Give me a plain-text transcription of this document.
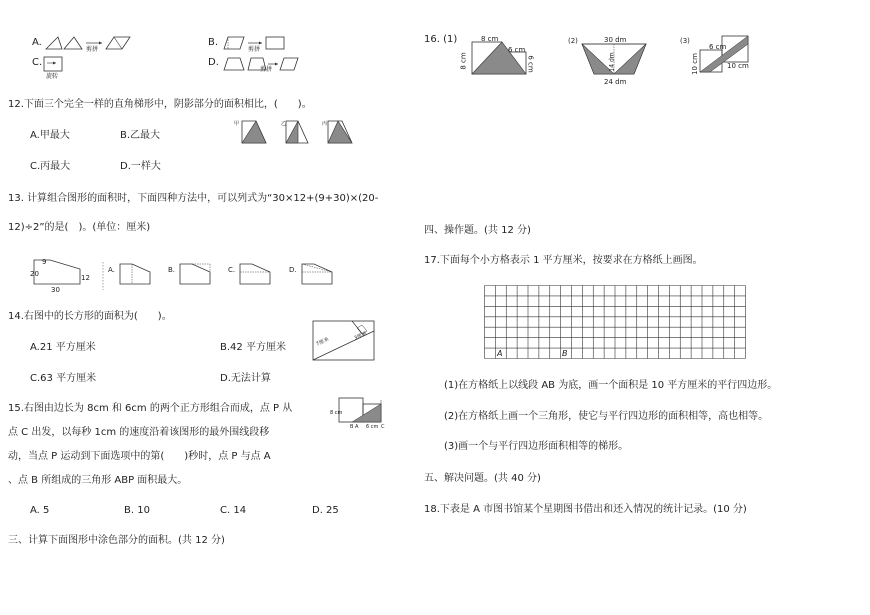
A.
剪拼
C.
旋转
B.
剪拼
D.
剪拼
12.下面三个完全一样的直角梯形中，阴影部分的面积相比，(　　)。
A.甲最大	B.乙最大
C.丙最大	D.一样大
甲	乙	丙
13. 计算组合图形的面积时，下面四种方法中，可以列式为“30×12+(9+30)×(20-
12)÷2”的是(　)。(单位：厘米)
9
20	12
30
A.	B.	C.	D.
14.右图中的长方形的面积为(　　)。
A.21 平方厘米	B.42 平方厘米
C.63 平方厘米	D.无法计算
7厘米
3厘米
15.右图由边长为 8cm 和 6cm 的两个正方形组合而成，点 P 从
点 C 出发，以每秒 1cm 的速度沿着该图形的最外围线段移
动，当点 P 运动到下面选项中的第(　　)秒时，点 P 与点 A
、点 B 所组成的三角形 ABP 面积最大。
8 cm
6 cm
B A	C
A. 5	B. 10	C. 14	D. 25
三、计算下面图形中涂色部分的面积。(共 12 分)
16. (1)	8 cm
6 cm
8 cm	6 cm
(2)	30 dm
14 dm
24 dm
(3)
6 cm
10 cm	10 cm
四、操作题。(共 12 分)
17.下面每个小方格表示 1 平方厘米，按要求在方格纸上画图。
A	B
(1)在方格纸上以线段 AB 为底，画一个面积是 10 平方厘米的平行四边形。
(2)在方格纸上画一个三角形，使它与平行四边形的面积相等，高也相等。
(3)画一个与平行四边形面积相等的梯形。
五、解决问题。(共 40 分)
18.下表是 A 市图书馆某个星期图书借出和还入情况的统计记录。(10 分)
